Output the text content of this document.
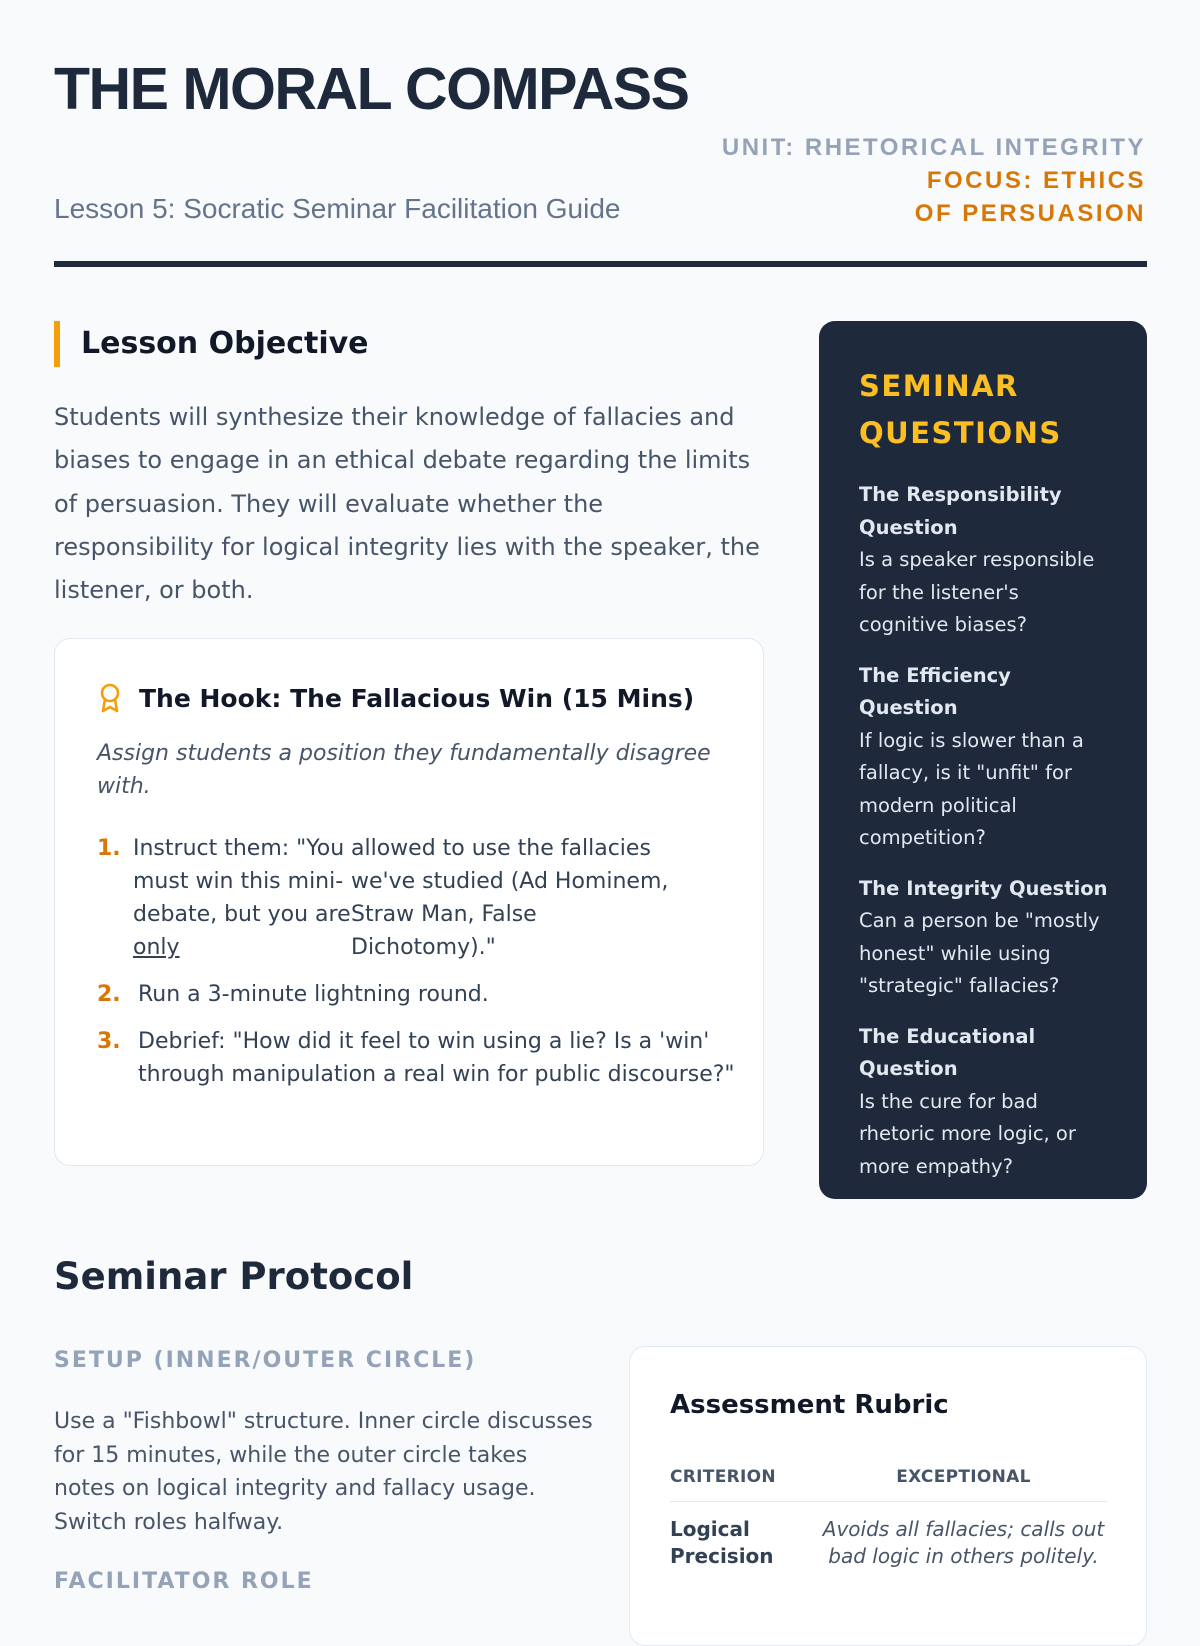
THE MORAL COMPASS
Lesson 5: Socratic Seminar Facilitation Guide
UNIT: RHETORICAL INTEGRITY
FOCUS: ETHICS OF PERSUASION
Lesson Objective
Students will synthesize their knowledge of fallacies and biases to engage in an ethical debate regarding the limits of persuasion. They will evaluate whether the responsibility for logical integrity lies with the speaker, the listener, or both.
The Hook: The Fallacious Win (15 Mins)
Assign students a position they fundamentally disagree with.
1. Instruct them: "You must win this mini-debate, but you are only
allowed to use the fallacies we've studied (Ad Hominem, Straw Man, False Dichotomy)."
2. Run a 3-minute lightning round.
3. Debrief: "How did it feel to win using a lie? Is a 'win' through manipulation a real win for public discourse?"
SEMINAR QUESTIONS
The Responsibility Question
Is a speaker responsible for the listener's cognitive biases?
The Efficiency Question
If logic is slower than a fallacy, is it "unfit" for modern political competition?
The Integrity Question
Can a person be "mostly honest" while using "strategic" fallacies?
The Educational Question
Is the cure for bad rhetoric more logic, or more empathy?
Seminar Protocol
SETUP (INNER/OUTER CIRCLE)
Use a "Fishbowl" structure. Inner circle discusses for 15 minutes, while the outer circle takes notes on logical integrity and fallacy usage. Switch roles halfway.
FACILITATOR ROLE
Assessment Rubric
CRITERION	EXCEPTIONAL
Logical Precision
Avoids all fallacies; calls out bad logic in others politely.
